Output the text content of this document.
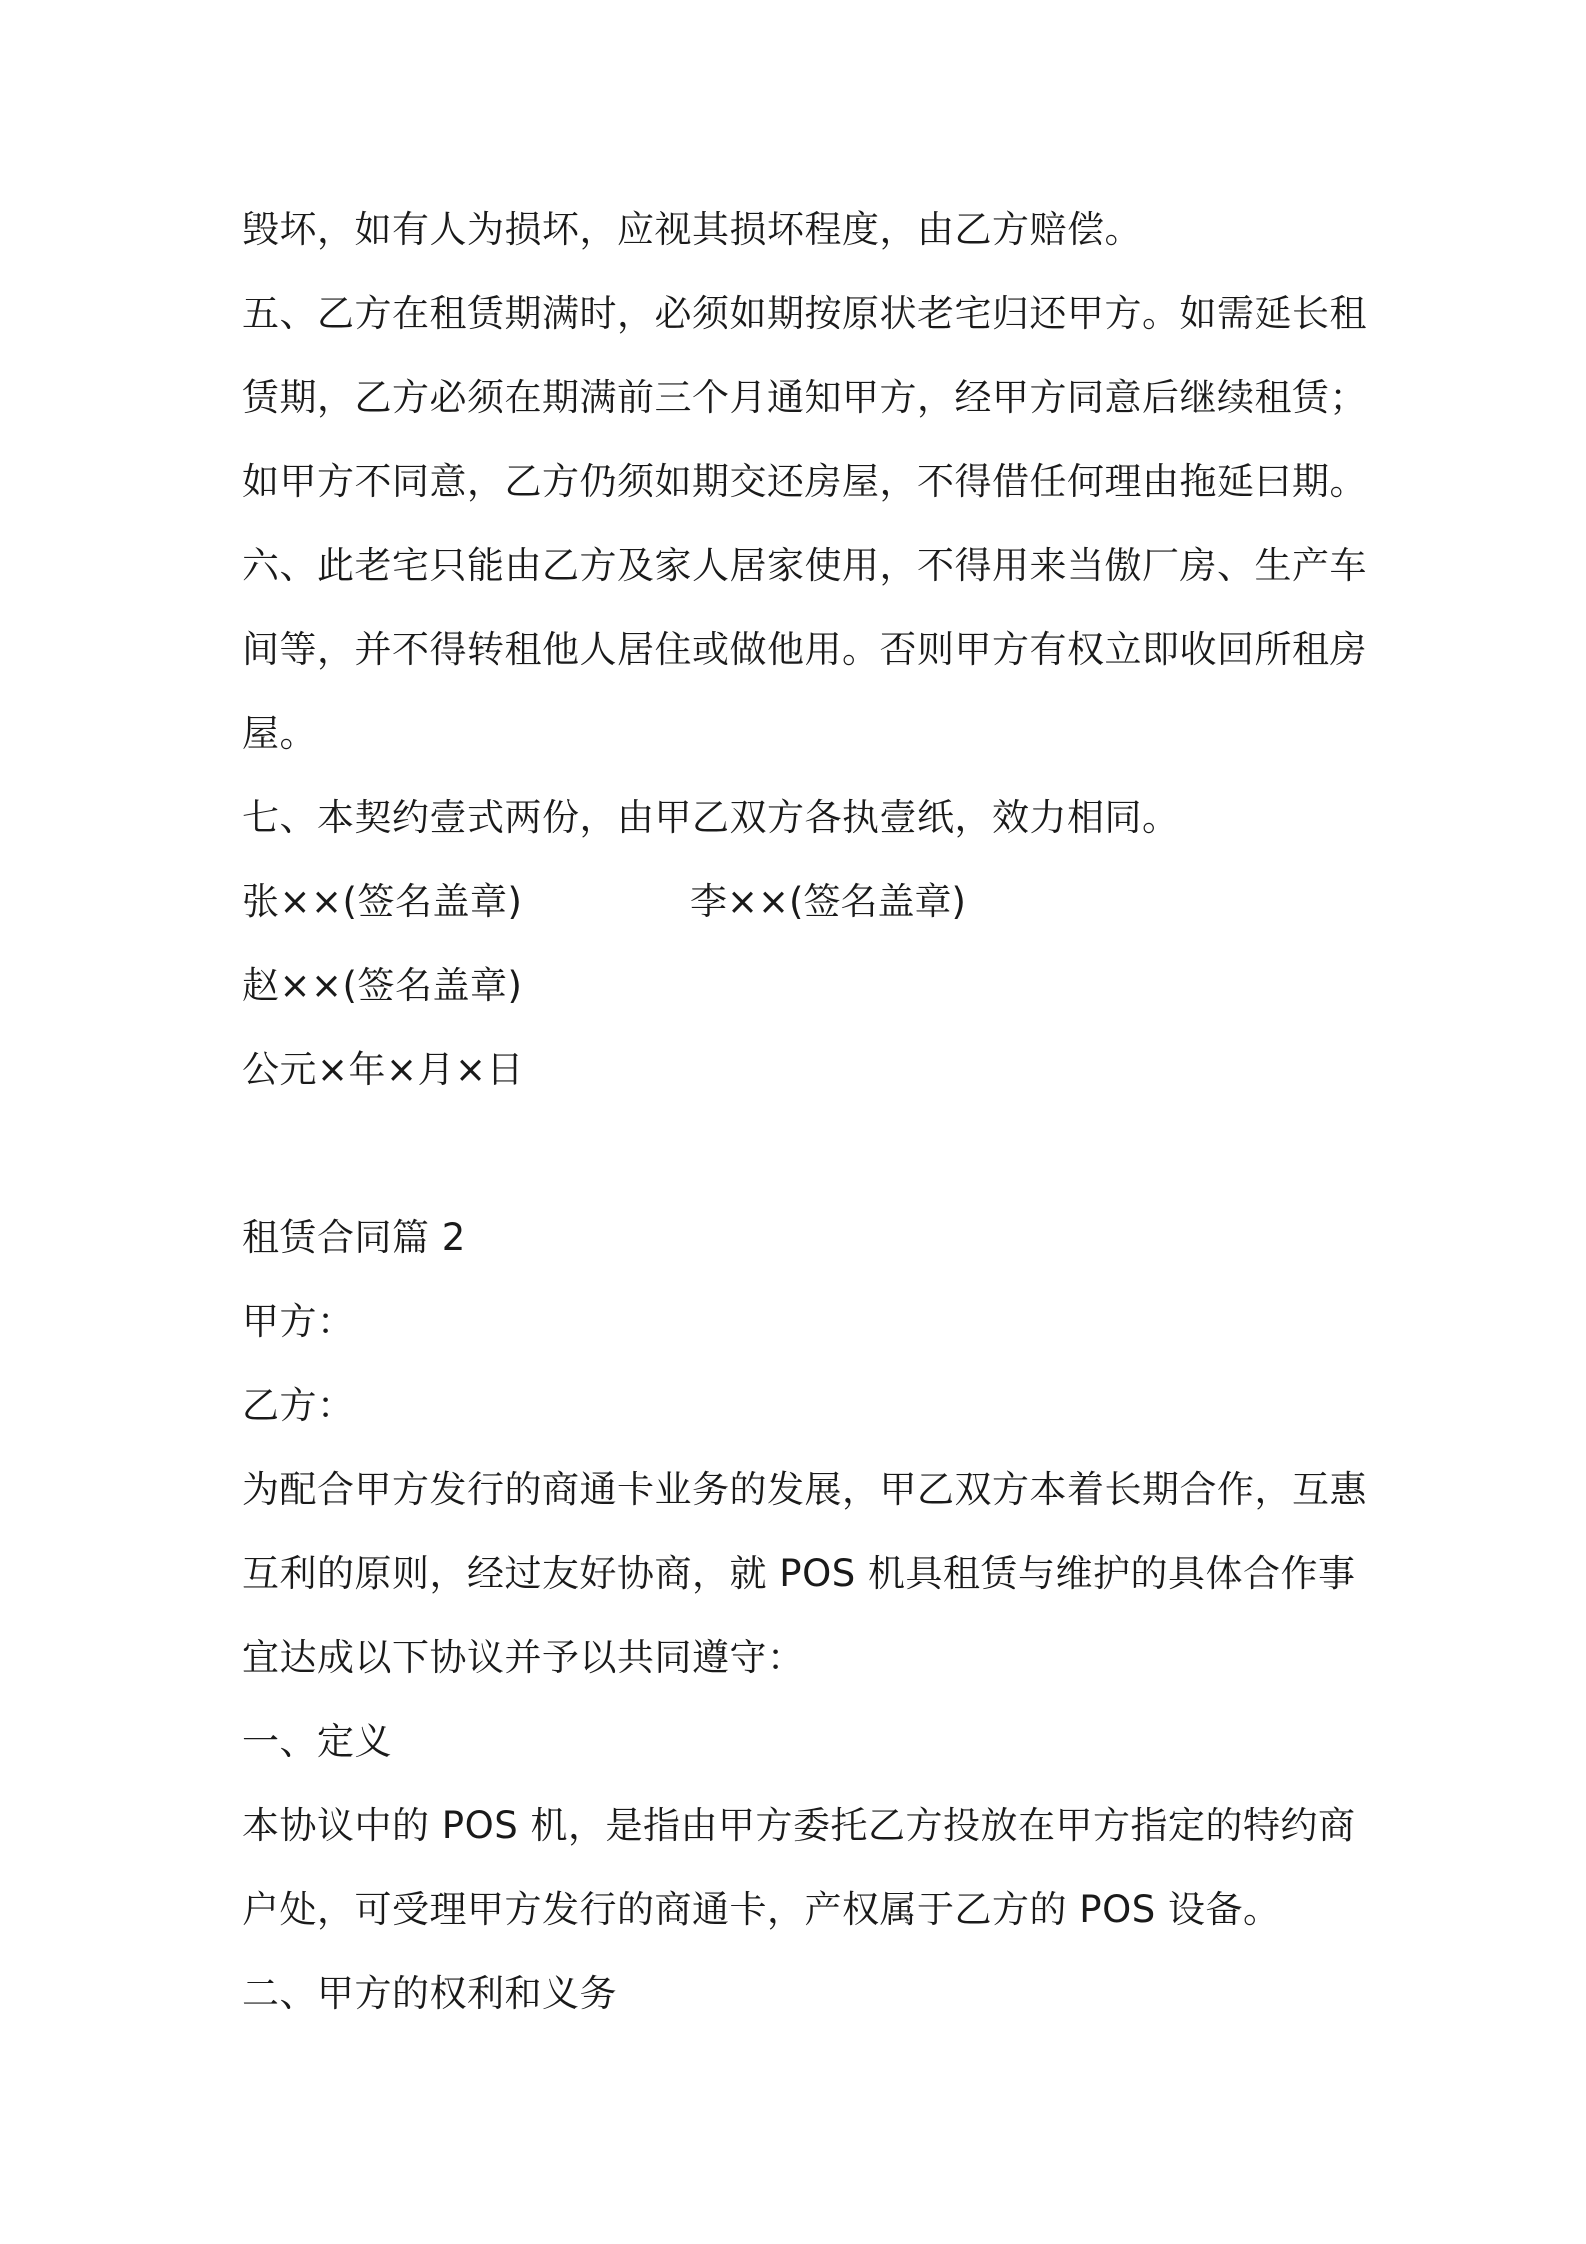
毁坏，如有人为损坏，应视其损坏程度，由乙方赔偿。
五、乙方在租赁期满时，必须如期按原状老宅归还甲方。如需延长租
赁期，乙方必须在期满前三个月通知甲方，经甲方同意后继续租赁；
如甲方不同意，乙方仍须如期交还房屋，不得借任何理由拖延曰期。
六、此老宅只能由乙方及家人居家使用，不得用来当傲厂房、生产车
间等，并不得转租他人居住或做他用。否则甲方有权立即收回所租房
屋。
七、本契约壹式两份，由甲乙双方各执壹纸，效力相同。
张××(签名盖章)	李××(签名盖章)
赵××(签名盖章)
公元×年×月×日
租赁合同篇 2
甲方：
乙方：
为配合甲方发行的商通卡业务的发展，甲乙双方本着长期合作，互惠
互利的原则，经过友好协商，就 POS 机具租赁与维护的具体合作事
宜达成以下协议并予以共同遵守：
一、定义
本协议中的 POS 机，是指由甲方委托乙方投放在甲方指定的特约商
户处，可受理甲方发行的商通卡，产权属于乙方的 POS 设备。
二、甲方的权利和义务
